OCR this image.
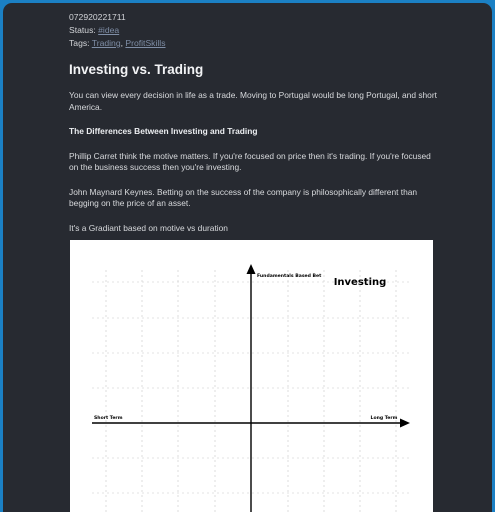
072920221711
Status: #idea
Tags: Trading, ProfitSkills
Investing vs. Trading

You can view every decision in life as a trade. Moving to Portugal would be long Portugal, and short America.

The Differences Between Investing and Trading

Phillip Carret think the motive matters. If you're focused on price then it's trading. If you're focused on the business success then you're investing.

John Maynard Keynes. Betting on the success of the company is philosophically different than begging on the price of an asset.

It's a Gradiant based on motive vs duration

Fundamentals Based Bet
Investing
Short Term	Long Term
